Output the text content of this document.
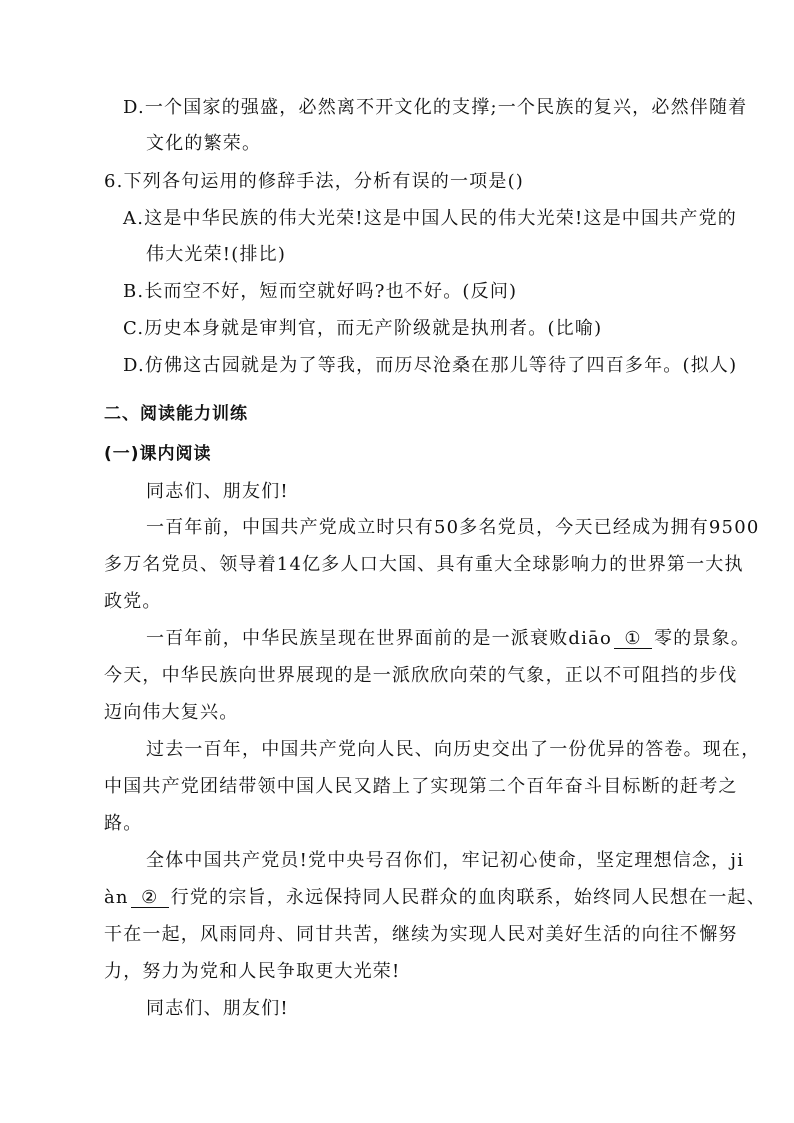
D.一个国家的强盛，必然离不开文化的支撑;一个民族的复兴，必然伴随着
文化的繁荣。
6.下列各句运用的修辞手法，分析有误的一项是()
A.这是中华民族的伟大光荣!这是中国人民的伟大光荣!这是中国共产党的
伟大光荣!(排比)
B.长而空不好，短而空就好吗?也不好。(反问)
C.历史本身就是审判官，而无产阶级就是执刑者。(比喻)
D.仿佛这古园就是为了等我，而历尽沧桑在那儿等待了四百多年。(拟人)
二、阅读能力训练
(一)课内阅读
同志们、朋友们!
一百年前，中国共产党成立时只有50多名党员，今天已经成为拥有9500
多万名党员、领导着14亿多人口大国、具有重大全球影响力的世界第一大执
政党。
一百年前，中华民族呈现在世界面前的是一派衰败diāo ① 零的景象。
今天，中华民族向世界展现的是一派欣欣向荣的气象，正以不可阻挡的步伐
迈向伟大复兴。
过去一百年，中国共产党向人民、向历史交出了一份优异的答卷。现在，
中国共产党团结带领中国人民又踏上了实现第二个百年奋斗目标断的赶考之
路。
全体中国共产党员!党中央号召你们，牢记初心使命，坚定理想信念，ji
àn ② 行党的宗旨，永远保持同人民群众的血肉联系，始终同人民想在一起、
干在一起，风雨同舟、同甘共苦，继续为实现人民对美好生活的向往不懈努
力，努力为党和人民争取更大光荣!
同志们、朋友们!
